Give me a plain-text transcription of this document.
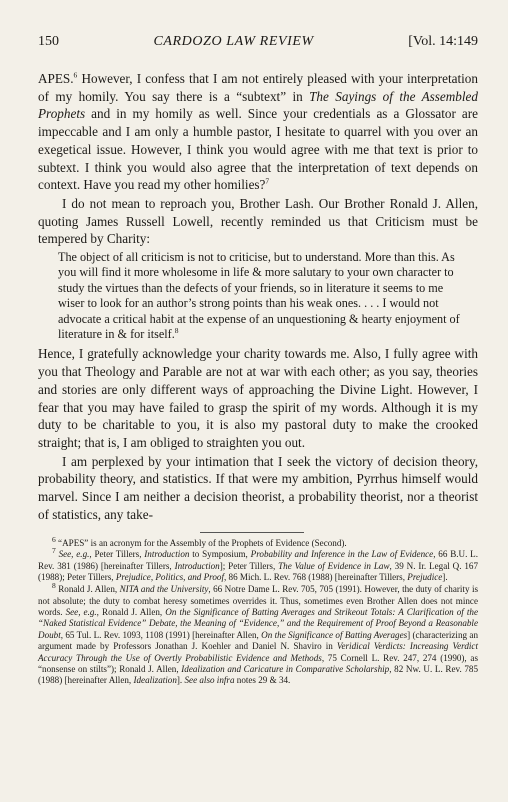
150	CARDOZO LAW REVIEW	[Vol. 14:149

APES.$^6$ However, I confess that I am not entirely pleased with your interpretation of my homily. You say there is a “subtext” in The Sayings of the Assembled Prophets and in my homily as well. Since your credentials as a Glossator are impeccable and I am only a humble pastor, I hesitate to quarrel with you over an exegetical issue. However, I think you would agree with me that text is prior to subtext. I think you would also agree that the interpretation of text depends on context. Have you read my other homilies?$^7$

I do not mean to reproach you, Brother Lash. Our Brother Ronald J. Allen, quoting James Russell Lowell, recently reminded us that Criticism must be tempered by Charity:

The object of all criticism is not to criticise, but to understand. More than this. As you will find it more wholesome in life & more salutary to your own character to study the virtues than the defects of your friends, so in literature it seems to me wiser to look for an author’s strong points than his weak ones. . . . I would not advocate a critical habit at the expense of an unquestioning & hearty enjoyment of literature in & for itself.$^8$

Hence, I gratefully acknowledge your charity towards me. Also, I fully agree with you that Theology and Parable are not at war with each other; as you say, theories and stories are only different ways of approaching the Divine Light. However, I fear that you may have failed to grasp the spirit of my words. Although it is my duty to be charitable to you, it is also my pastoral duty to make the crooked straight; that is, I am obliged to straighten you out.

I am perplexed by your intimation that I seek the victory of decision theory, probability theory, and statistics. If that were my ambition, Pyrrhus himself would marvel. Since I am neither a decision theorist, a probability theorist, nor a theorist of statistics, any take-

$^6$ “APES” is an acronym for the Assembly of the Prophets of Evidence (Second).

$^7$ See, e.g., Peter Tillers, Introduction to Symposium, Probability and Inference in the Law of Evidence, 66 B.U. L. Rev. 381 (1986) [hereinafter Tillers, Introduction]; Peter Tillers, The Value of Evidence in Law, 39 N. Ir. Legal Q. 167 (1988); Peter Tillers, Prejudice, Politics, and Proof, 86 Mich. L. Rev. 768 (1988) [hereinafter Tillers, Prejudice].

$^8$ Ronald J. Allen, NITA and the University, 66 Notre Dame L. Rev. 705, 705 (1991). However, the duty of charity is not absolute; the duty to combat heresy sometimes overrides it. Thus, sometimes even Brother Allen does not mince words. See, e.g., Ronald J. Allen, On the Significance of Batting Averages and Strikeout Totals: A Clarification of the “Naked Statistical Evidence” Debate, the Meaning of “Evidence,” and the Requirement of Proof Beyond a Reasonable Doubt, 65 Tul. L. Rev. 1093, 1108 (1991) [hereinafter Allen, On the Significance of Batting Averages] (characterizing an argument made by Professors Jonathan J. Koehler and Daniel N. Shaviro in Veridical Verdicts: Increasing Verdict Accuracy Through the Use of Overtly Probabilistic Evidence and Methods, 75 Cornell L. Rev. 247, 274 (1990), as “nonsense on stilts”); Ronald J. Allen, Idealization and Caricature in Comparative Scholarship, 82 Nw. U. L. Rev. 785 (1988) [hereinafter Allen, Idealization]. See also infra notes 29 & 34.
